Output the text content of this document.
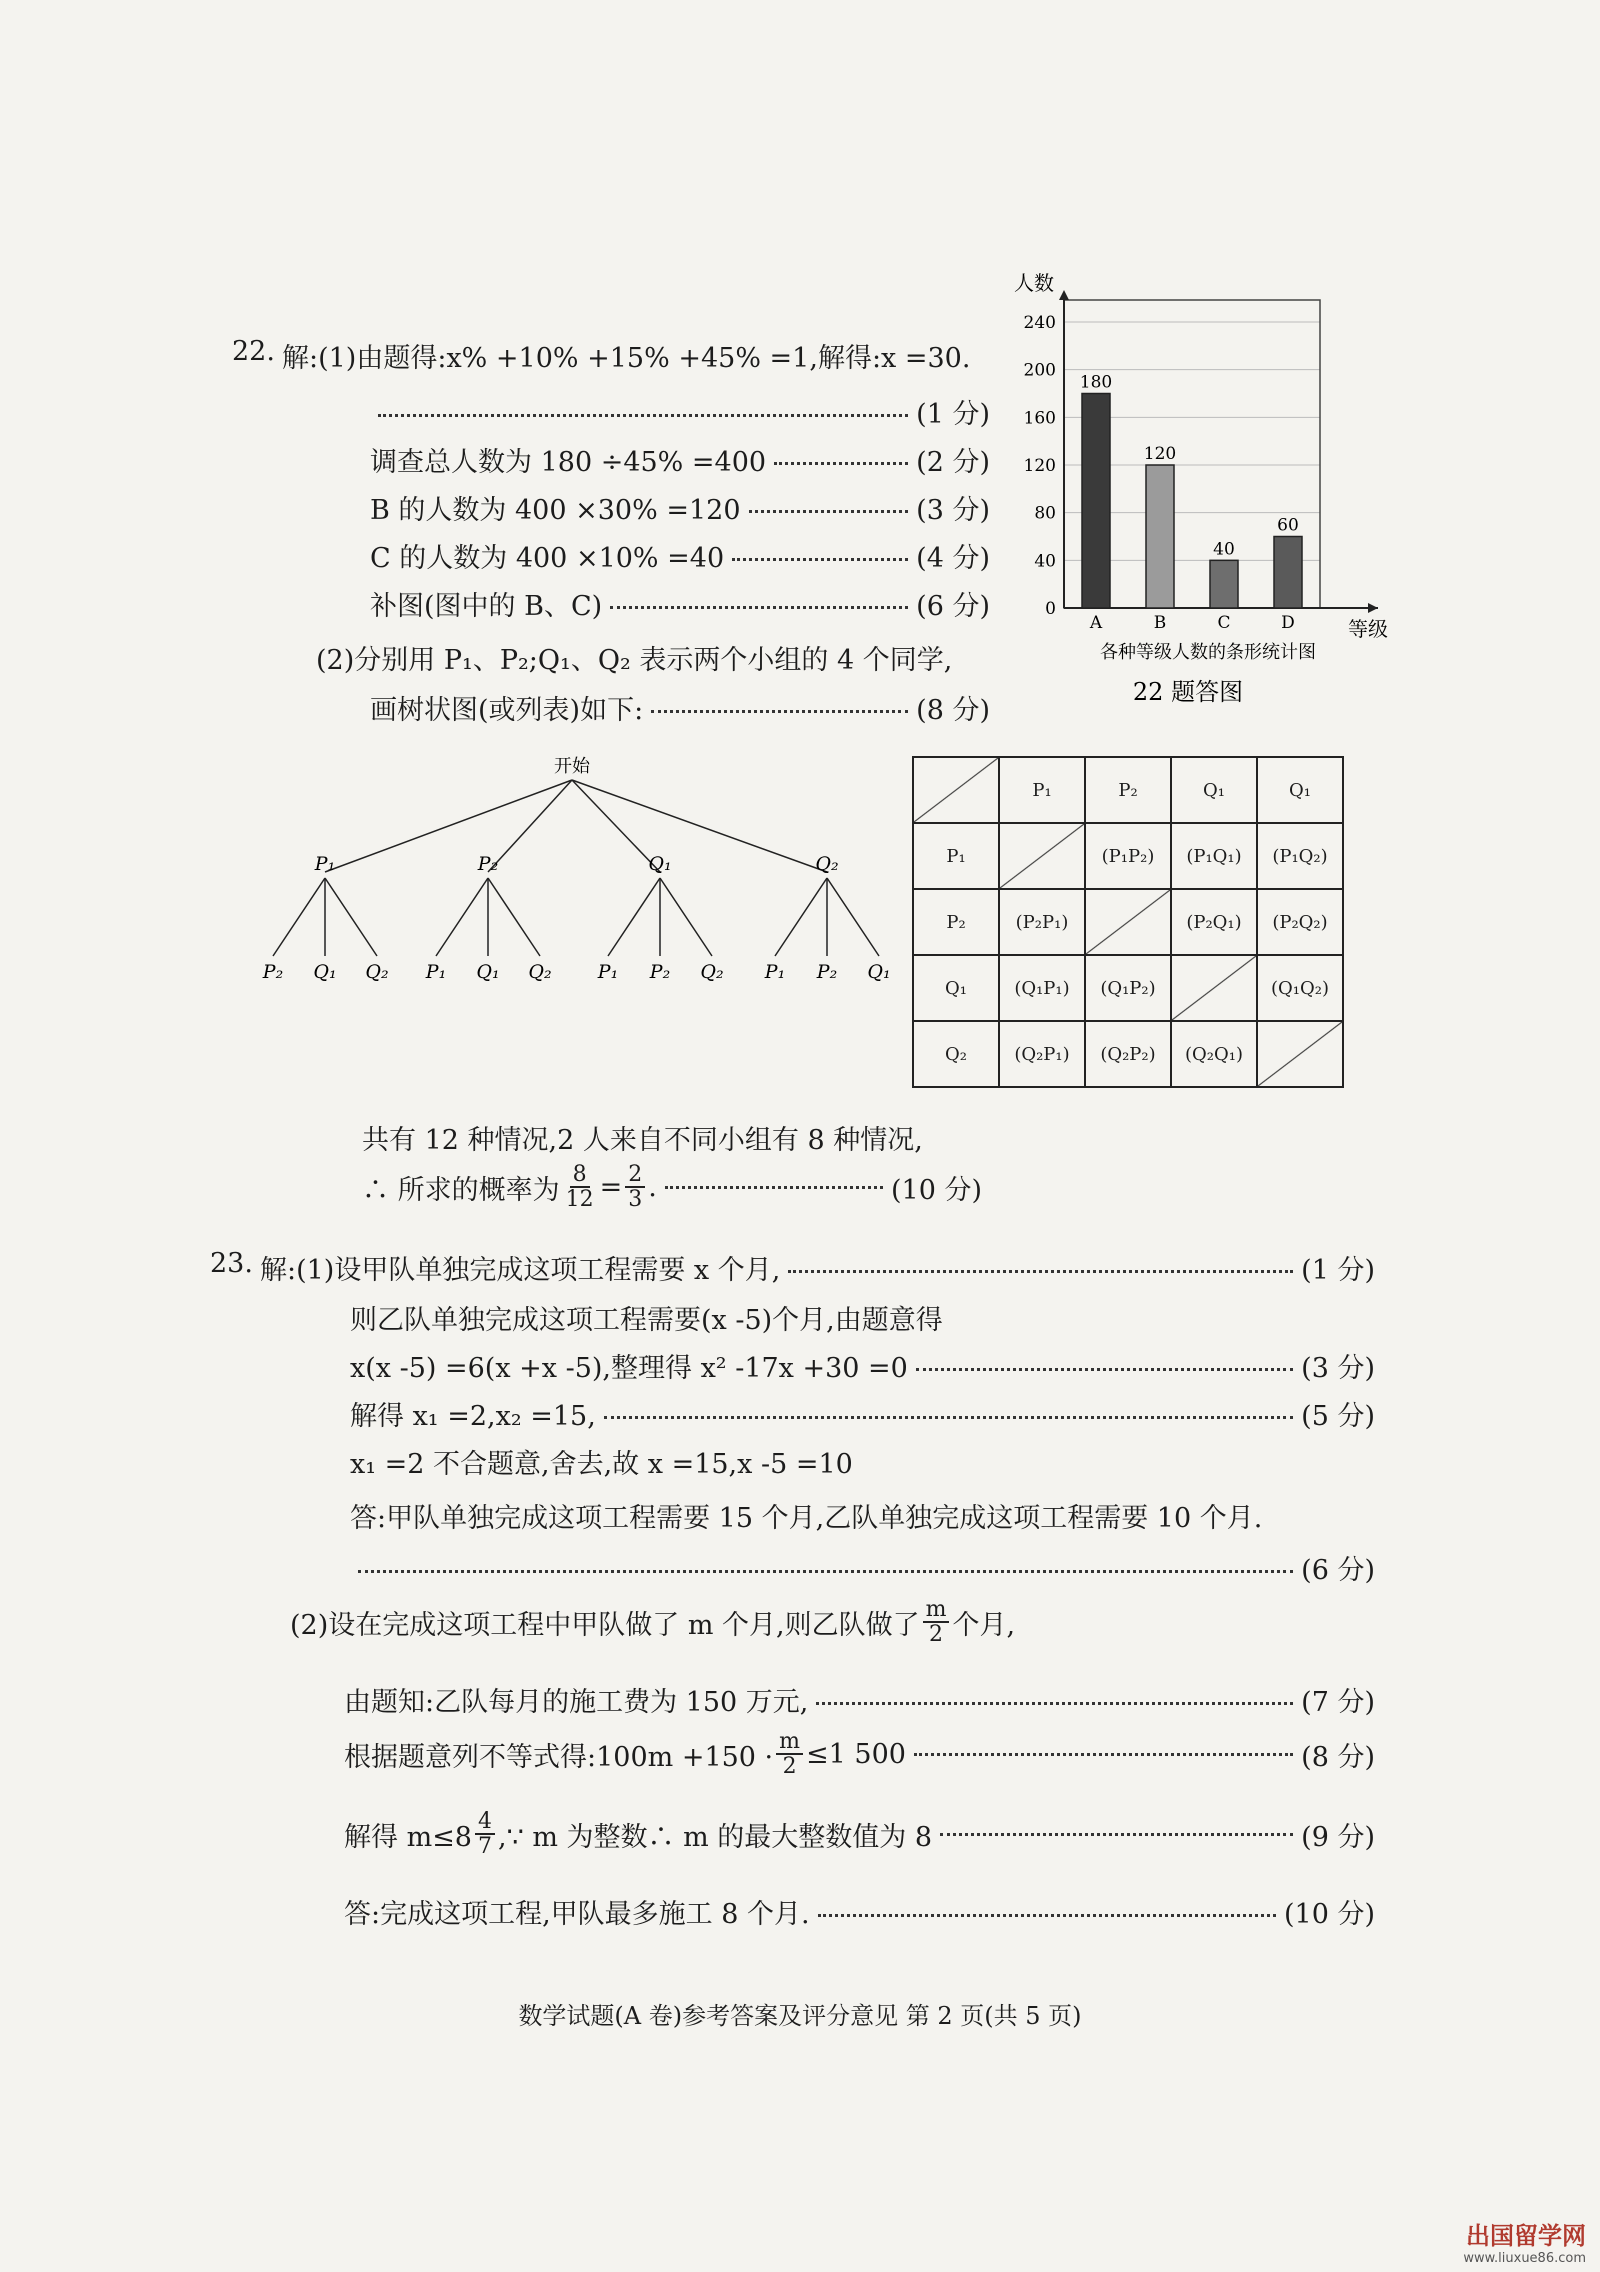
22. 解:(1)由题得:x% +10% +15% +45% =1,解得:x =30.
(1 分)
调查总人数为 180 ÷45% =400	(2 分)
B 的人数为 400 ×30% =120	(3 分)
C 的人数为 400 ×10% =40	(4 分)
补图(图中的 B、C)	(6 分)
(2)分别用 P₁、P₂;Q₁、Q₂ 表示两个小组的 4 个同学,
画树状图(或列表)如下:	(8 分)
人数
等级
各种等级人数的条形统计图
22 题答图
0
40
80
120
160
200
240
180
A
120
B
40
C
60
D
开始
P₁
P₂ Q₁ Q₂
P₂
P₁ Q₁ Q₂
Q₁
P₁ P₂ Q₂
Q₂
P₁ P₂ Q₁
	P₁	P₂	Q₁	Q₁
P₁		(P₁P₂)	(P₁Q₁)	(P₁Q₂)
P₂	(P₂P₁)		(P₂Q₁)	(P₂Q₂)
Q₁	(Q₁P₁)	(Q₁P₂)		(Q₁Q₂)
Q₂	(Q₂P₁)	(Q₂P₂)	(Q₂Q₁)	
共有 12 种情况,2 人来自不同小组有 8 种情况,
∴ 所求的概率为 $\frac{8}{12} = \frac{2}{3}$ .	(10 分)
23. 解:(1)设甲队单独完成这项工程需要 x 个月,	(1 分)
则乙队单独完成这项工程需要(x -5)个月,由题意得
x(x -5) =6(x +x -5),整理得 x² -17x +30 =0	(3 分)
解得 x₁ =2,x₂ =15,	(5 分)
x₁ =2 不合题意,舍去,故 x =15,x -5 =10
答:甲队单独完成这项工程需要 15 个月,乙队单独完成这项工程需要 10 个月.
(6 分)
(2)设在完成这项工程中甲队做了 m 个月,则乙队做了 $\frac{m}{2}$ 个月,
由题知:乙队每月的施工费为 150 万元,	(7 分)
根据题意列不等式得:100m $+150 \cdot \frac{m}{2} \le 1$ 500	(8 分)
解得 $m\le 8 \frac{4}{7}$ ,∵ m 为整数∴ m 的最大整数值为 8	(9 分)
答:完成这项工程,甲队最多施工 8 个月.	(10 分)
数学试题(A 卷)参考答案及评分意见 第 2 页(共 5 页)
出国留学网
www.liuxue86.com
